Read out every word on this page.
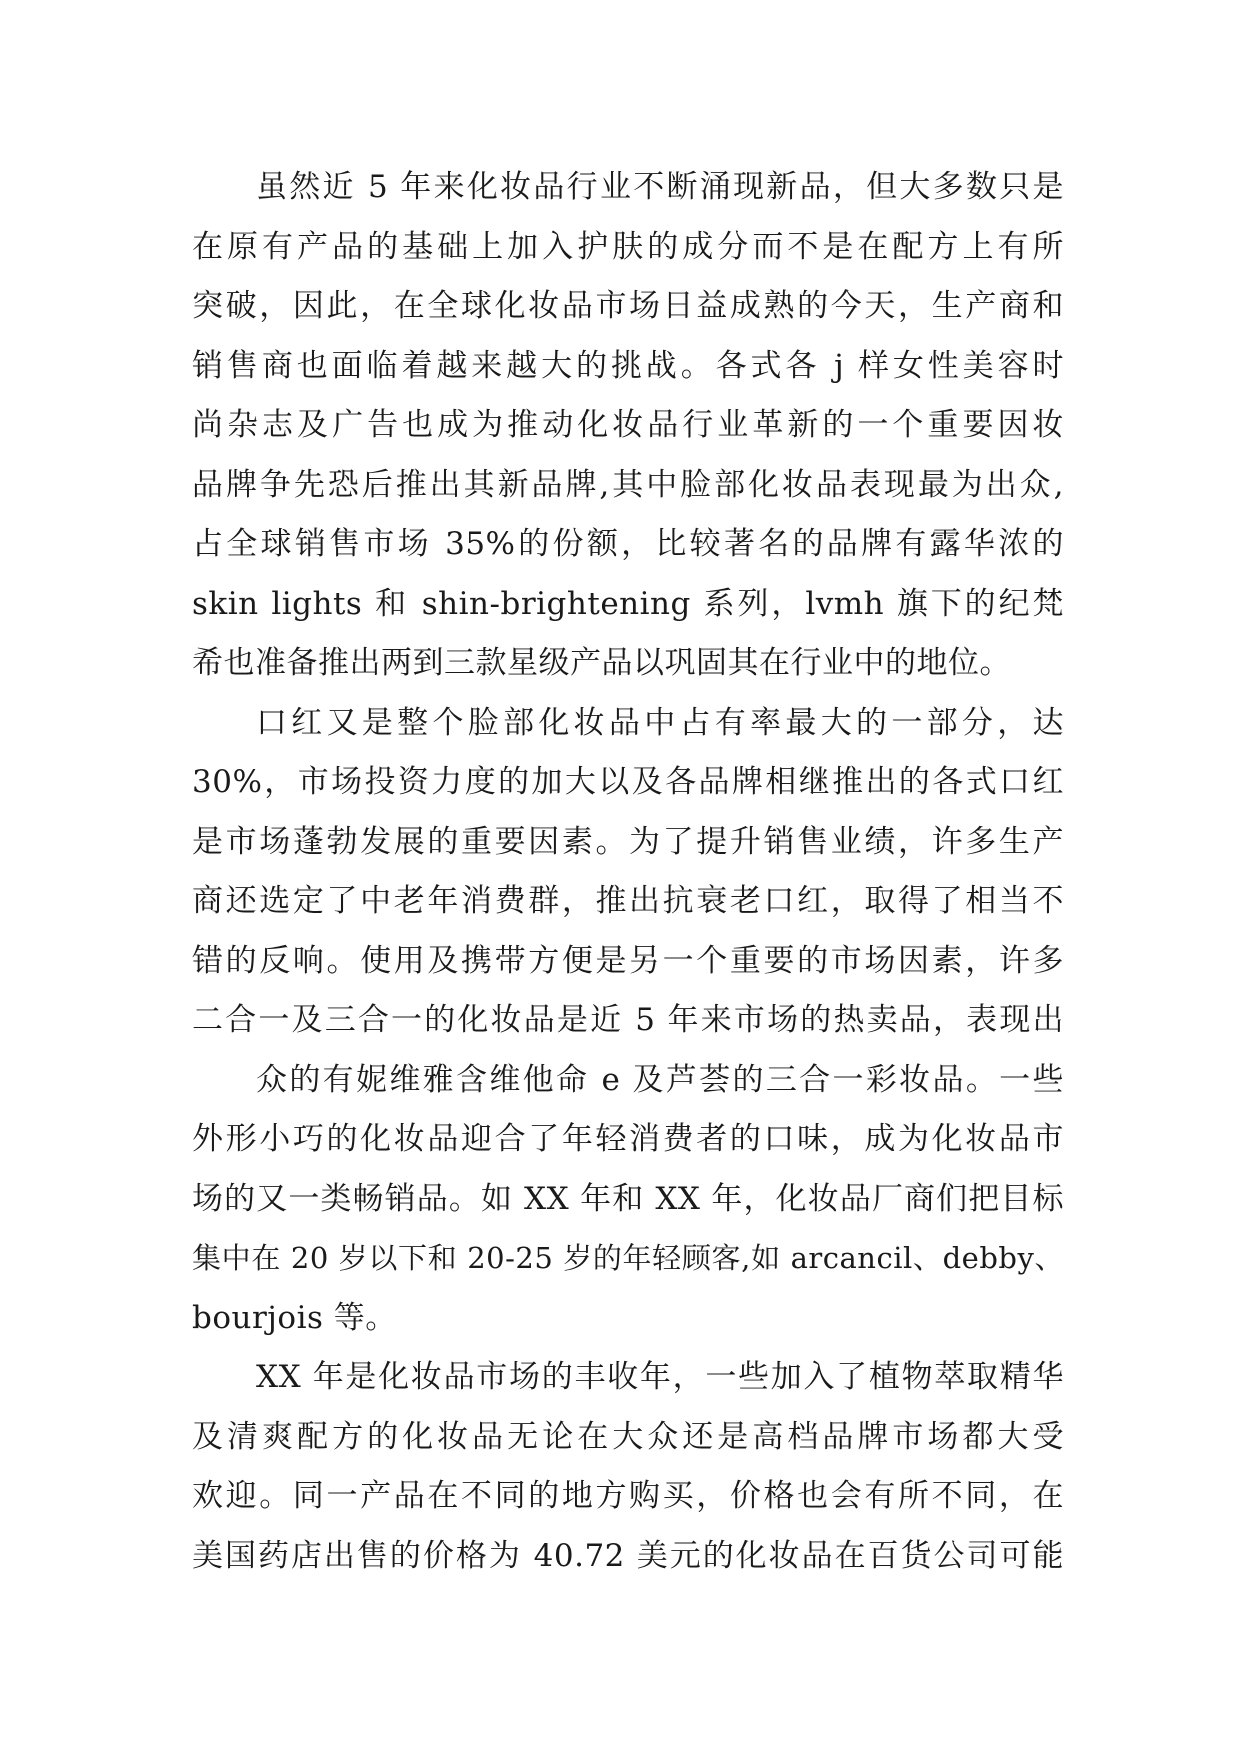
虽然近 5 年来化妆品行业不断涌现新品，但大多数只是
在原有产品的基础上加入护肤的成分而不是在配方上有所
突破，因此，在全球化妆品市场日益成熟的今天，生产商和
销售商也面临着越来越大的挑战。各式各 j 样女性美容时
尚杂志及广告也成为推动化妆品行业革新的一个重要因妆
品牌争先恐后推出其新品牌,其中脸部化妆品表现最为出众,
占全球销售市场 35%的份额，比较著名的品牌有露华浓的
skin lights 和 shin-brightening 系列，lvmh 旗下的纪梵
希也准备推出两到三款星级产品以巩固其在行业中的地位。
口红又是整个脸部化妆品中占有率最大的一部分，达
30%，市场投资力度的加大以及各品牌相继推出的各式口红
是市场蓬勃发展的重要因素。为了提升销售业绩，许多生产
商还选定了中老年消费群，推出抗衰老口红，取得了相当不
错的反响。使用及携带方便是另一个重要的市场因素，许多
二合一及三合一的化妆品是近 5 年来市场的热卖品，表现出
众的有妮维雅含维他命 e 及芦荟的三合一彩妆品。一些
外形小巧的化妆品迎合了年轻消费者的口味，成为化妆品市
场的又一类畅销品。如 XX 年和 XX 年，化妆品厂商们把目标
集中在 20 岁以下和 20-25 岁的年轻顾客,如 arcancil、debby、
bourjois 等。
XX 年是化妆品市场的丰收年，一些加入了植物萃取精华
及清爽配方的化妆品无论在大众还是高档品牌市场都大受
欢迎。同一产品在不同的地方购买，价格也会有所不同，在
美国药店出售的价格为 40.72 美元的化妆品在百货公司可能
